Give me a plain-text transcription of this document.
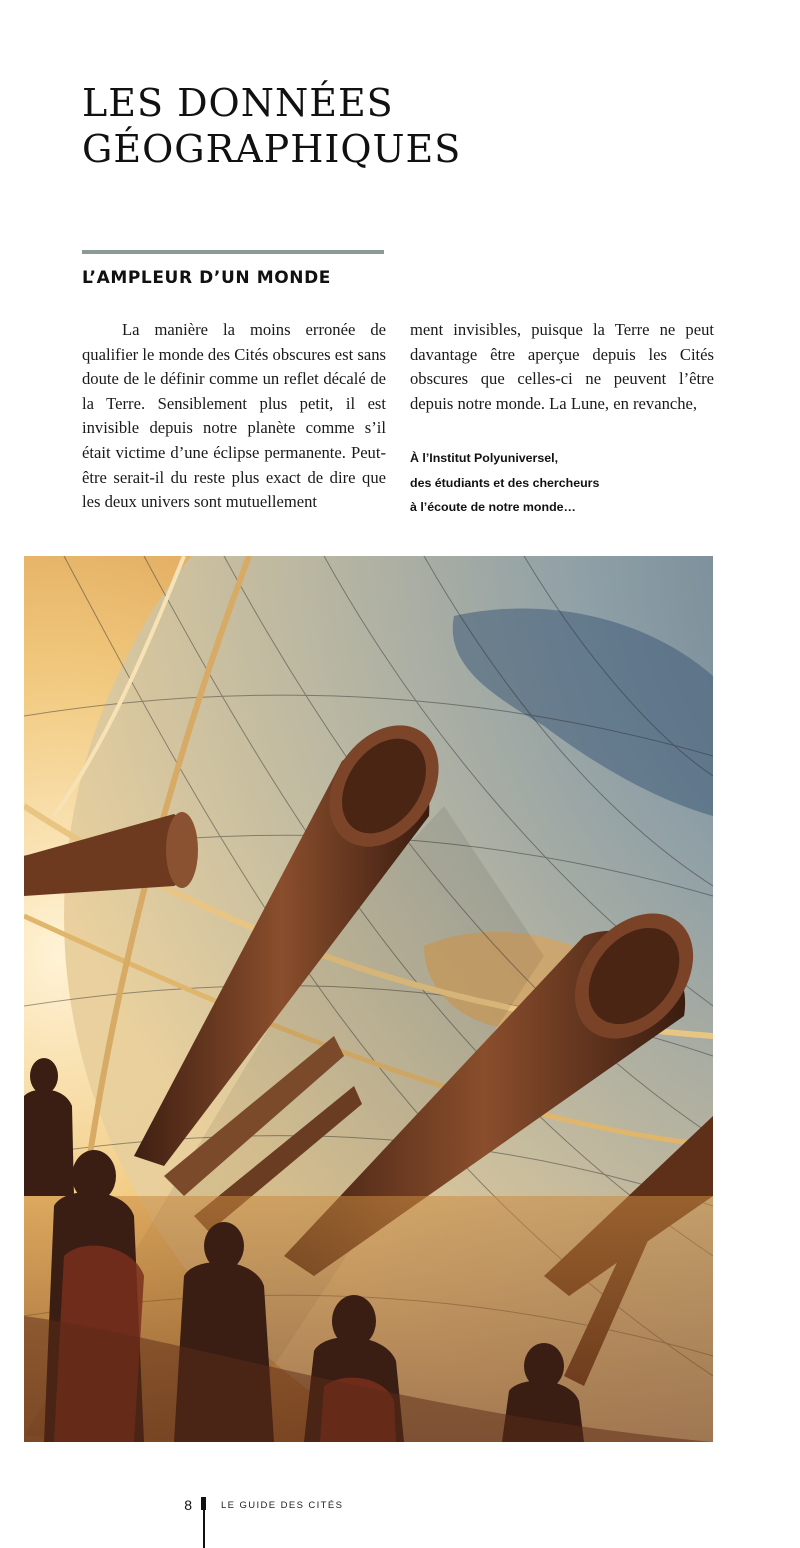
LES DONNÉES
GÉOGRAPHIQUES
L’AMPLEUR D’UN MONDE

La manière la moins erronée de qualifier le monde des Cités obscures est sans doute de le définir comme un reflet décalé de la Terre. Sensiblement plus petit, il est invisible depuis notre planète comme s’il était victime d’une éclipse permanente. Peut-être serait-il du reste plus exact de dire que les deux univers sont mutuellement

ment invisibles, puisque la Terre ne peut davantage être aperçue depuis les Cités obscures que celles-ci ne peuvent l’être depuis notre monde. La Lune, en revanche,

À l’Institut Polyuniversel,
des étudiants et des chercheurs
à l’écoute de notre monde…
8	LE GUIDE DES CITÉS
